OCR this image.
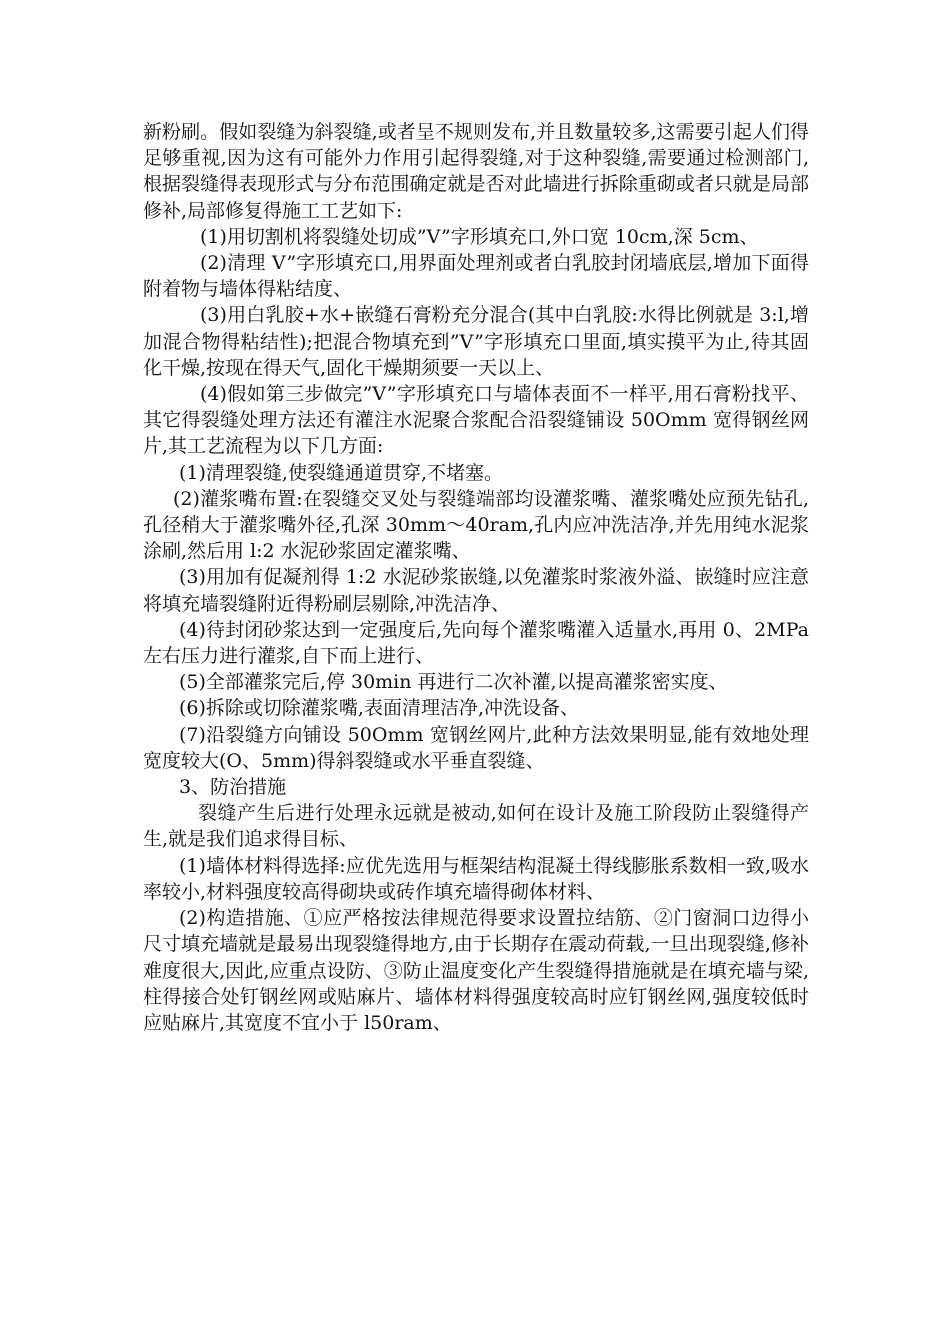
新粉刷。假如裂缝为斜裂缝,或者呈不规则发布,并且数量较多,这需要引起人们得足够重视,因为这有可能外力作用引起得裂缝,对于这种裂缝,需要通过检测部门,根据裂缝得表现形式与分布范围确定就是否对此墙进行拆除重砌或者只就是局部修补,局部修复得施工工艺如下:

(1)用切割机将裂缝处切成”V”字形填充口,外口宽 10cm,深 5cm、

(2)清理 V”字形填充口,用界面处理剂或者白乳胶封闭墙底层,增加下面得附着物与墙体得粘结度、

(3)用白乳胶+水+嵌缝石膏粉充分混合(其中白乳胶:水得比例就是 3:l,增加混合物得粘结性);把混合物填充到”V”字形填充口里面,填实摸平为止,待其固化干燥,按现在得天气,固化干燥期须要一天以上、

(4)假如第三步做完”V”字形填充口与墙体表面不一样平,用石膏粉找平、其它得裂缝处理方法还有灌注水泥聚合浆配合沿裂缝铺设 50Omm 宽得钢丝网片,其工艺流程为以下几方面:

(1)清理裂缝,使裂缝通道贯穿,不堵塞。

(2)灌浆嘴布置:在裂缝交叉处与裂缝端部均设灌浆嘴、灌浆嘴处应预先钻孔,孔径稍大于灌浆嘴外径,孔深 30mm～40ram,孔内应冲洗洁净,并先用纯水泥浆涂刷,然后用 l:2 水泥砂浆固定灌浆嘴、

(3)用加有促凝剂得 1:2 水泥砂浆嵌缝,以免灌浆时浆液外溢、嵌缝时应注意将填充墙裂缝附近得粉刷层剔除,冲洗洁净、

(4)待封闭砂浆达到一定强度后,先向每个灌浆嘴灌入适量水,再用 0、2MPa 左右压力进行灌浆,自下而上进行、

(5)全部灌浆完后,停 30min 再进行二次补灌,以提高灌浆密实度、

(6)拆除或切除灌浆嘴,表面清理洁净,冲洗设备、

(7)沿裂缝方向铺设 50Omm 宽钢丝网片,此种方法效果明显,能有效地处理宽度较大(O、5mm)得斜裂缝或水平垂直裂缝、

3、防治措施

裂缝产生后进行处理永远就是被动,如何在设计及施工阶段防止裂缝得产生,就是我们追求得目标、

(1)墙体材料得选择:应优先选用与框架结构混凝土得线膨胀系数相一致,吸水率较小,材料强度较高得砌块或砖作填充墙得砌体材料、

(2)构造措施、①应严格按法律规范得要求设置拉结筋、②门窗洞口边得小尺寸填充墙就是最易出现裂缝得地方,由于长期存在震动荷载,一旦出现裂缝,修补难度很大,因此,应重点设防、③防止温度变化产生裂缝得措施就是在填充墙与梁,柱得接合处钉钢丝网或贴麻片、墙体材料得强度较高时应钉钢丝网,强度较低时应贴麻片,其宽度不宜小于 l50ram、
